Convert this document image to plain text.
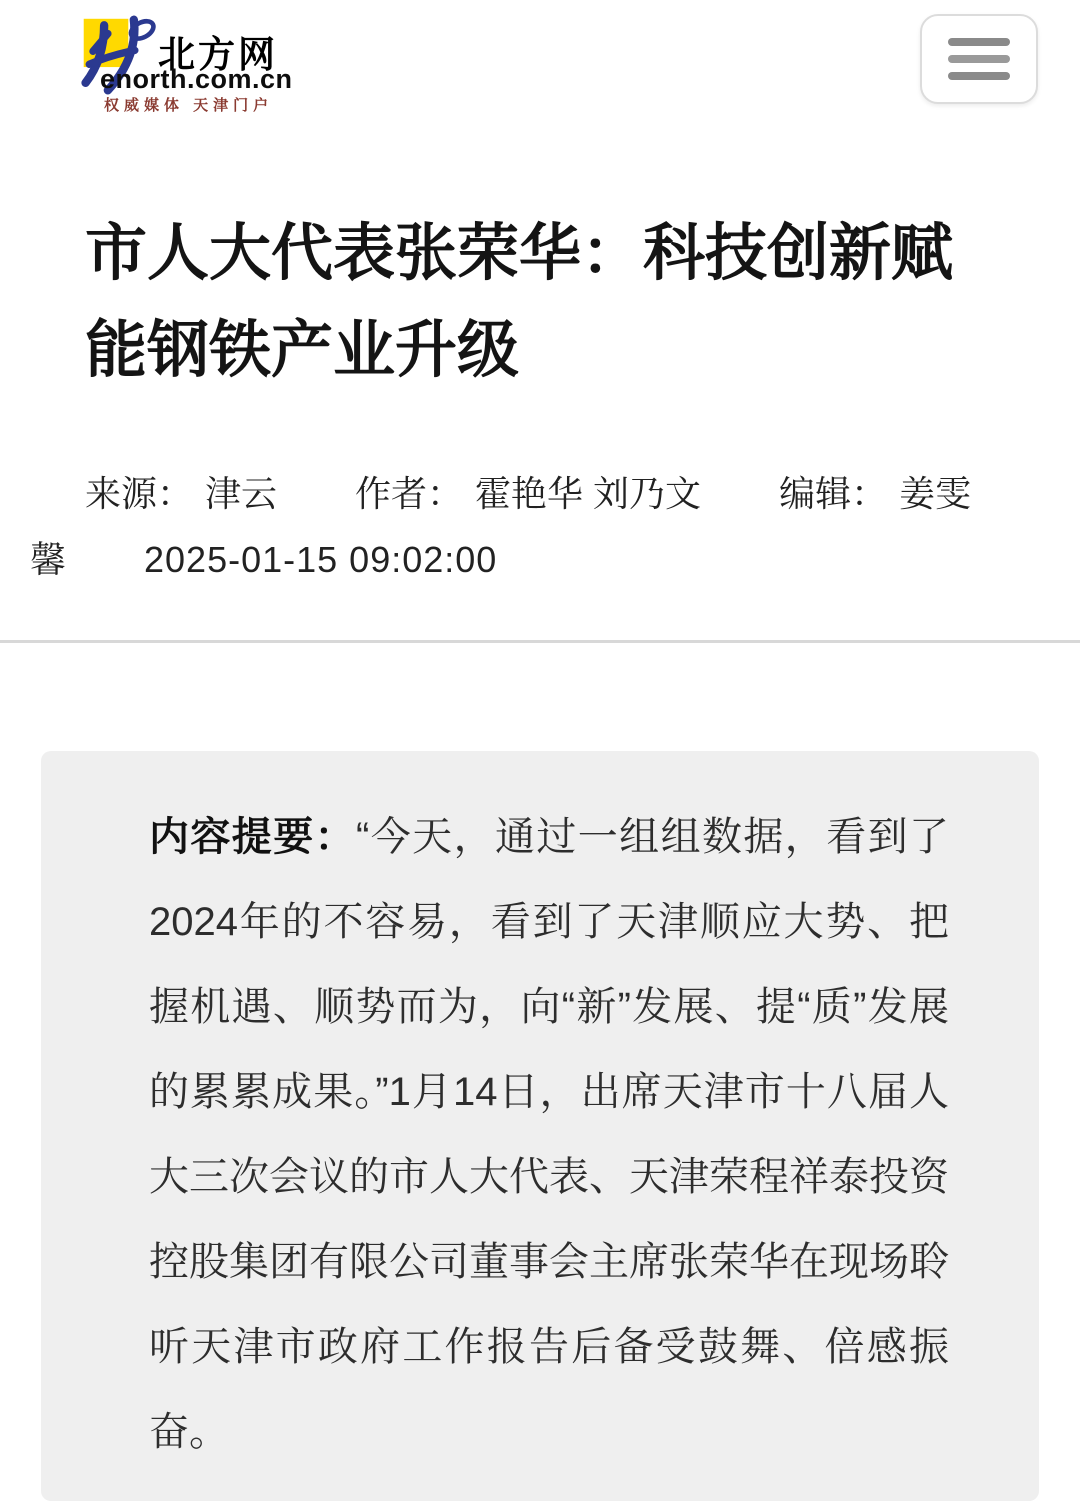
北方网
enorth.com.cn
权威媒体 天津门户
市人大代表张荣华：科技创新赋能钢铁产业升级

来源： 津云 作者： 霍艳华 刘乃文 编辑： 姜雯馨 2025-01-15 09:02:00

内容提要：“今天，通过一组组数据，看到了2024年的不容易，看到了天津顺应大势、把握机遇、顺势而为，向“新”发展、提“质”发展的累累成果。”1月14日，出席天津市十八届人大三次会议的市人大代表、天津荣程祥泰投资控股集团有限公司董事会主席张荣华在现场聆听天津市政府工作报告后备受鼓舞、倍感振奋。
